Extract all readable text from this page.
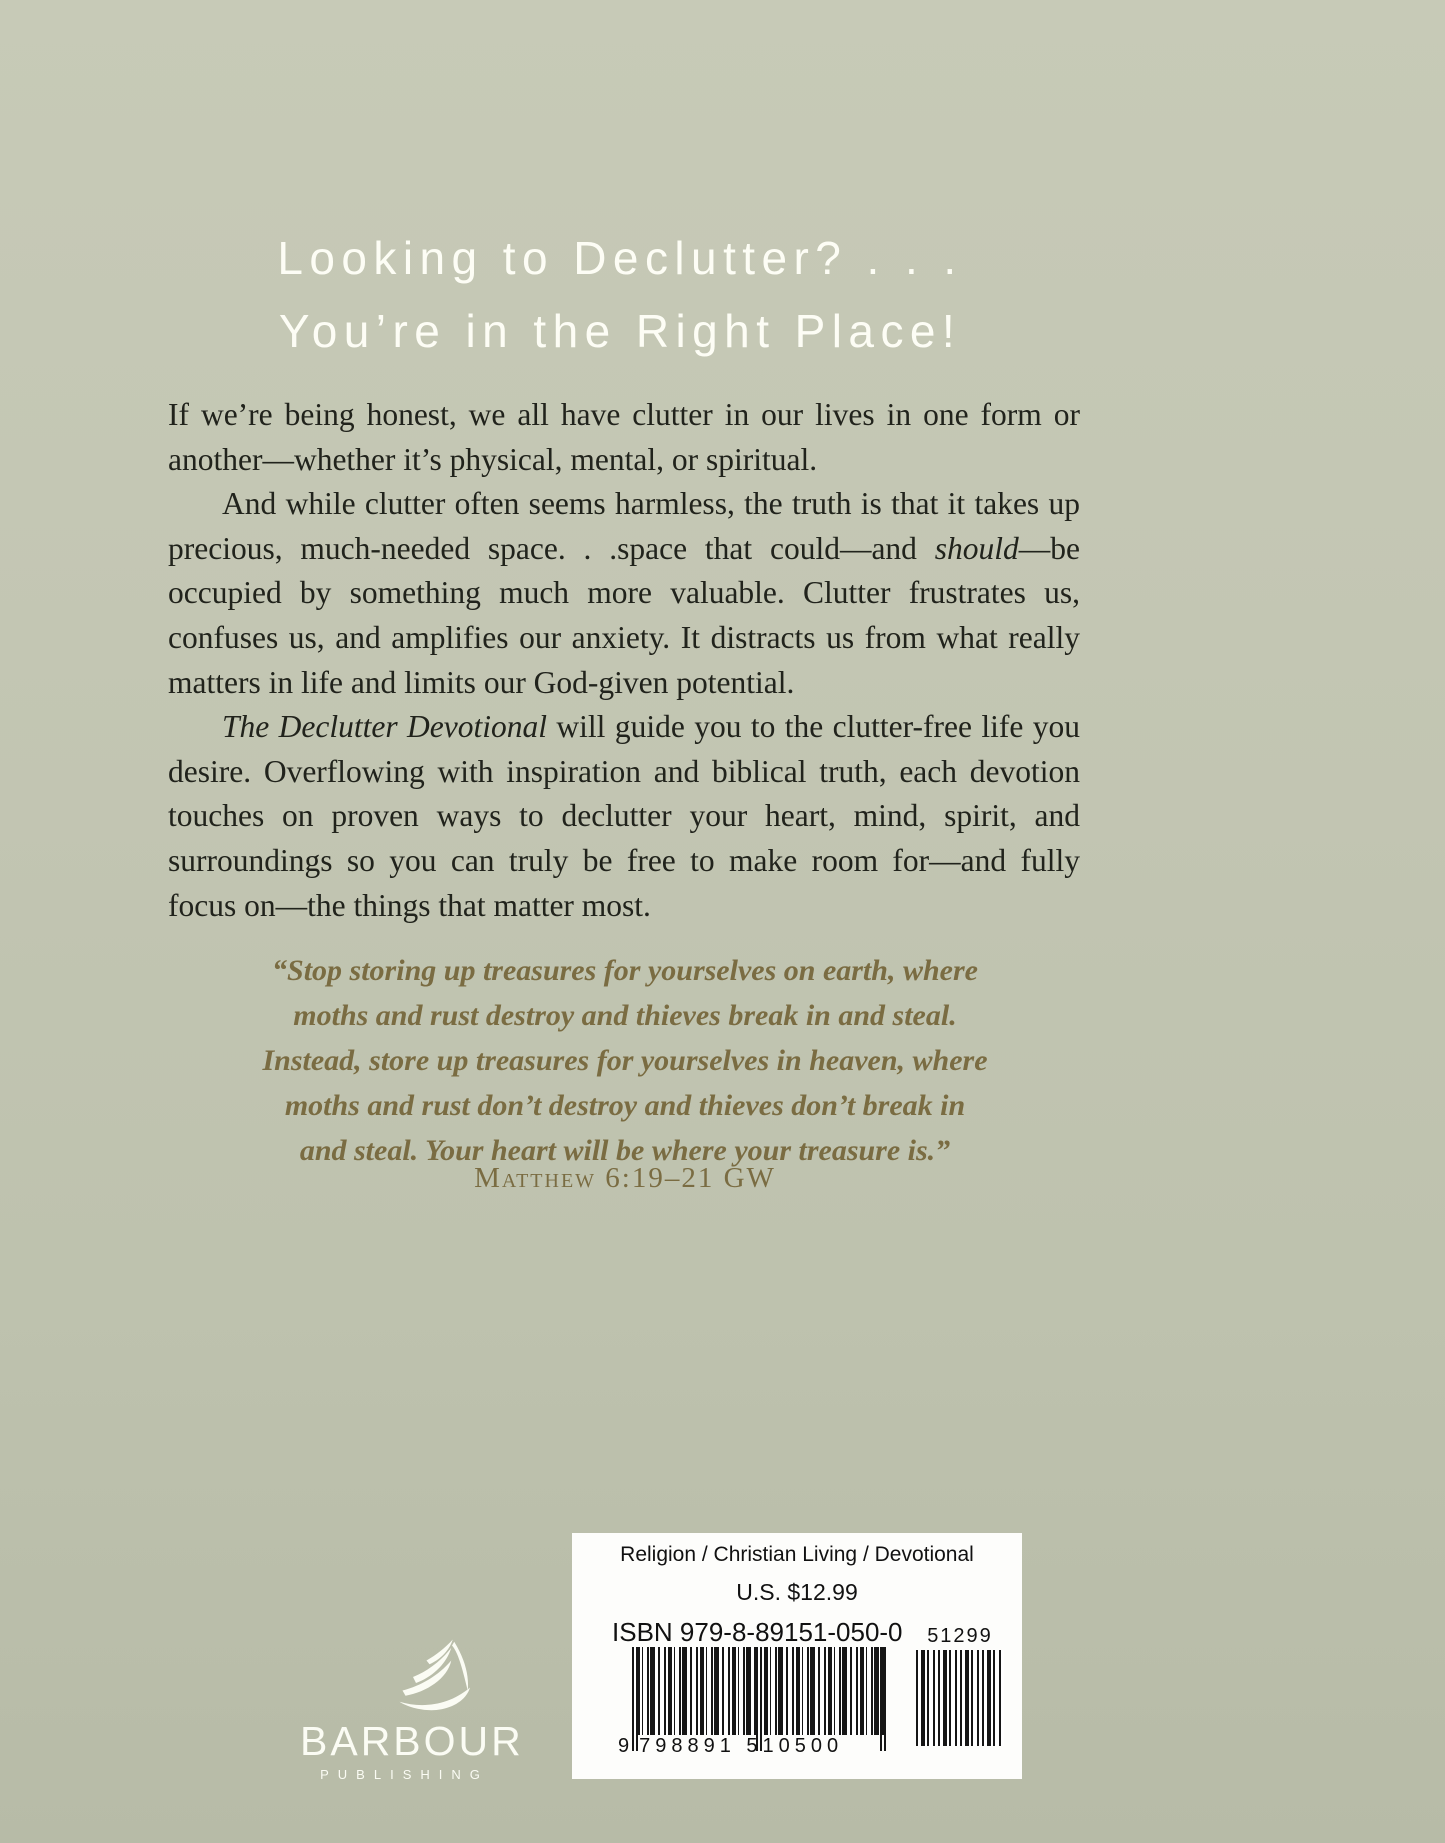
Looking to Declutter? . . .
You’re in the Right Place!

If we’re being honest, we all have clutter in our lives in one form or another—whether it’s physical, mental, or spiritual.

And while clutter often seems harmless, the truth is that it takes up precious, much-needed space. . .space that could—and should—be occupied by something much more valuable. Clutter frustrates us, confuses us, and amplifies our anxiety. It distracts us from what really matters in life and limits our God-given potential.

The Declutter Devotional will guide you to the clutter-free life you desire. Overflowing with inspiration and biblical truth, each devotion touches on proven ways to declutter your heart, mind, spirit, and surroundings so you can truly be free to make room for—and fully focus on—the things that matter most.

“Stop storing up treasures for yourselves on earth, where
moths and rust destroy and thieves break in and steal.
Instead, store up treasures for yourselves in heaven, where
moths and rust don’t destroy and thieves don’t break in
and steal. Your heart will be where your treasure is.”
Matthew 6:19–21 GW
Religion / Christian Living / Devotional
U.S. $12.99
ISBN 979-8-89151-050-0
9 798891 510500
51299
BARBOUR
PUBLISHING
